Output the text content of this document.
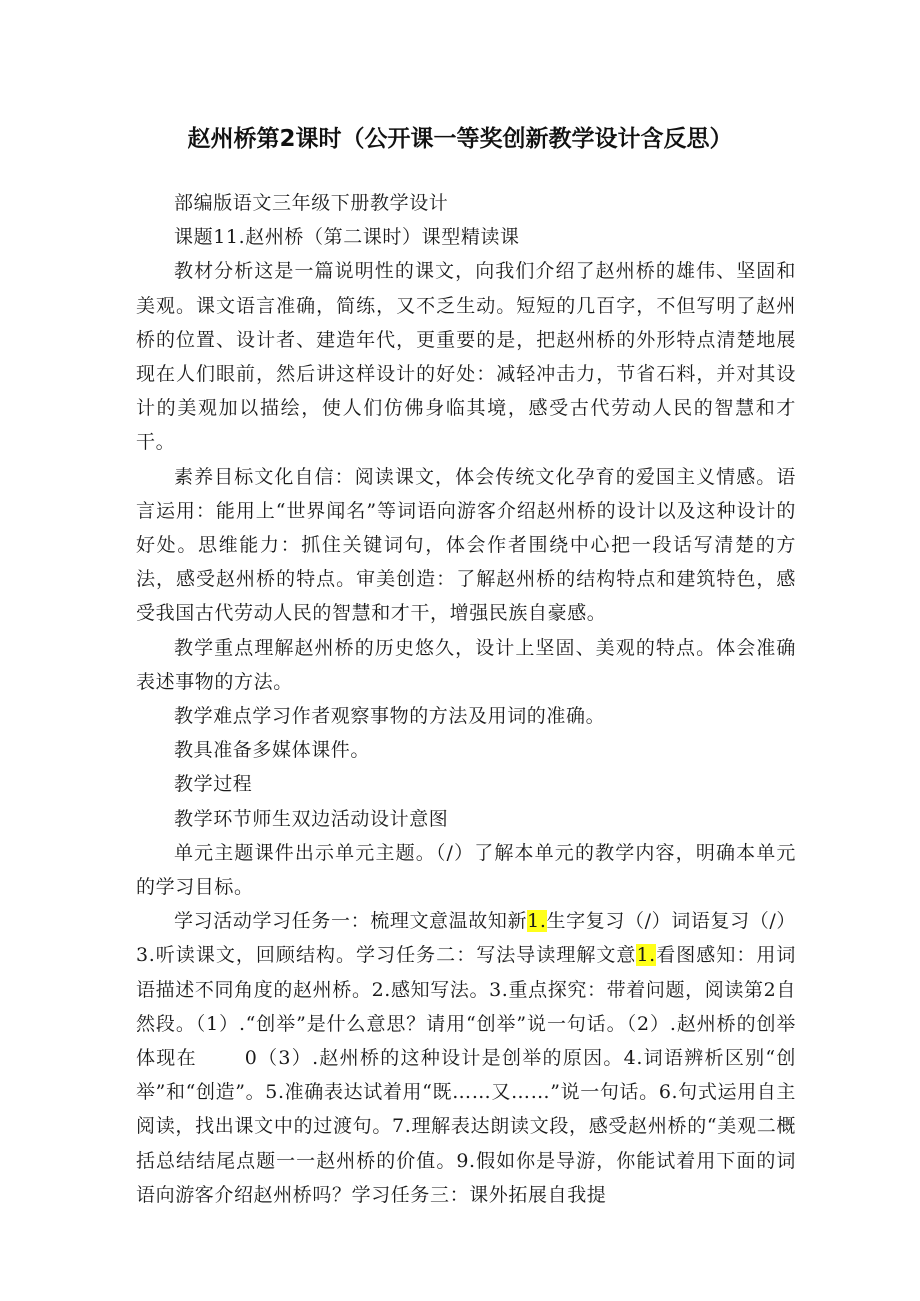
赵州桥第2课时（公开课一等奖创新教学设计含反思）

部编版语文三年级下册教学设计

课题11.赵州桥（第二课时）课型精读课

教材分析这是一篇说明性的课文，向我们介绍了赵州桥的雄伟、坚固和美观。课文语言准确，简练，又不乏生动。短短的几百字，不但写明了赵州桥的位置、设计者、建造年代，更重要的是，把赵州桥的外形特点清楚地展现在人们眼前，然后讲这样设计的好处：减轻冲击力，节省石料，并对其设计的美观加以描绘，使人们仿佛身临其境，感受古代劳动人民的智慧和才干。

素养目标文化自信：阅读课文，体会传统文化孕育的爱国主义情感。语言运用：能用上“世界闻名”等词语向游客介绍赵州桥的设计以及这种设计的好处。思维能力：抓住关键词句，体会作者围绕中心把一段话写清楚的方法，感受赵州桥的特点。审美创造：了解赵州桥的结构特点和建筑特色，感受我国古代劳动人民的智慧和才干，增强民族自豪感。

教学重点理解赵州桥的历史悠久，设计上坚固、美观的特点。体会准确表述事物的方法。

教学难点学习作者观察事物的方法及用词的准确。

教具准备多媒体课件。

教学过程

教学环节师生双边活动设计意图

单元主题课件出示单元主题。（/）了解本单元的教学内容，明确本单元的学习目标。

学习活动学习任务一：梳理文意温故知新1.生字复习（/）词语复习（/）3.听读课文，回顾结构。学习任务二：写法导读理解文意1.看图感知：用词语描述不同角度的赵州桥。2.感知写法。3.重点探究：带着问题，阅读第2自然段。（1）.“创举”是什么意思？请用“创举”说一句话。（2）.赵州桥的创举体现在　　 0（3）.赵州桥的这种设计是创举的原因。4.词语辨析区别“创举”和“创造”。5.准确表达试着用“既……又……”说一句话。6.句式运用自主阅读，找出课文中的过渡句。7.理解表达朗读文段，感受赵州桥的“美观二概括总结结尾点题一一赵州桥的价值。9.假如你是导游，你能试着用下面的词语向游客介绍赵州桥吗？学习任务三：课外拓展自我提
